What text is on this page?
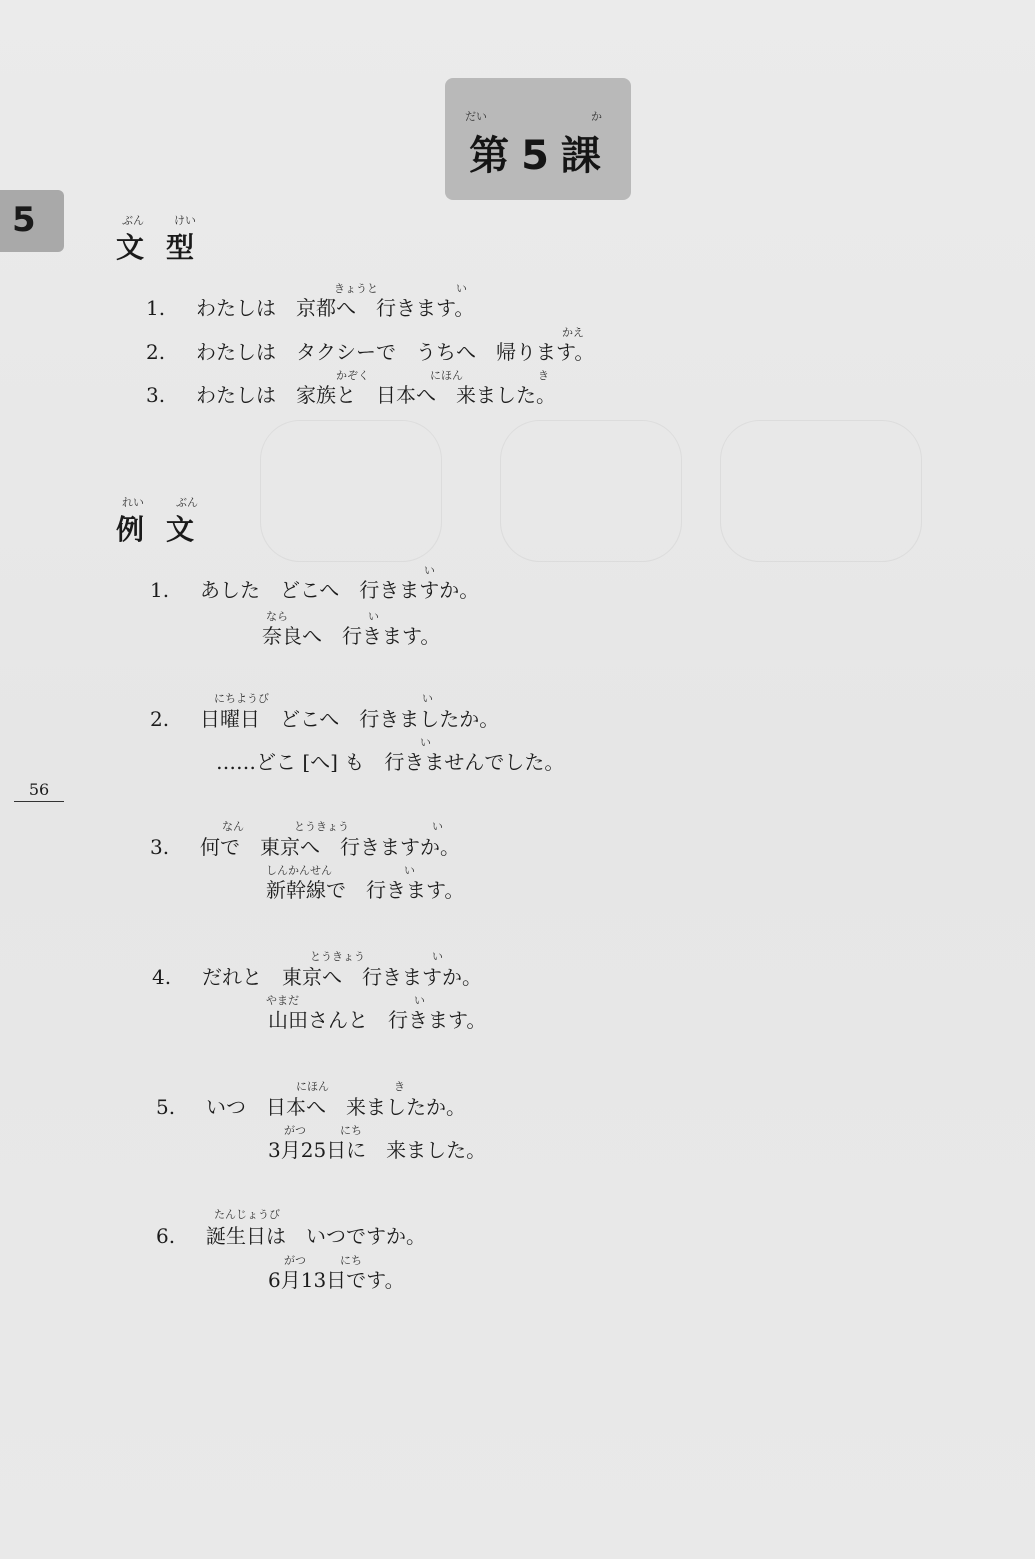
だい	か
第 5 課
5
56
ぶん	けい
文型
きょうと	い
1. わたしは　京都へ　行きます。
かえ
2. わたしは　タクシーで　うちへ　帰ります。
かぞく	にほん	き
3. わたしは　家族と　日本へ　来ました。
れい	ぶん
例文
い
1. あした　どこへ　行きますか。
なら	い
奈良へ　行きます。
にちようび	い
2. 日曜日　どこへ　行きましたか。
い
……どこ [へ] も　行きませんでした。
なん	とうきょう	い
3. 何で　東京へ　行きますか。
しんかんせん	い
新幹線で　行きます。
とうきょう	い
4. だれと　東京へ　行きますか。
やまだ	い
山田さんと　行きます。
にほん	き
5. いつ　日本へ　来ましたか。
がつ	にち
3月25日に　来ました。
たんじょうび
6. 誕生日は　いつですか。
がつ	にち
6月13日です。
